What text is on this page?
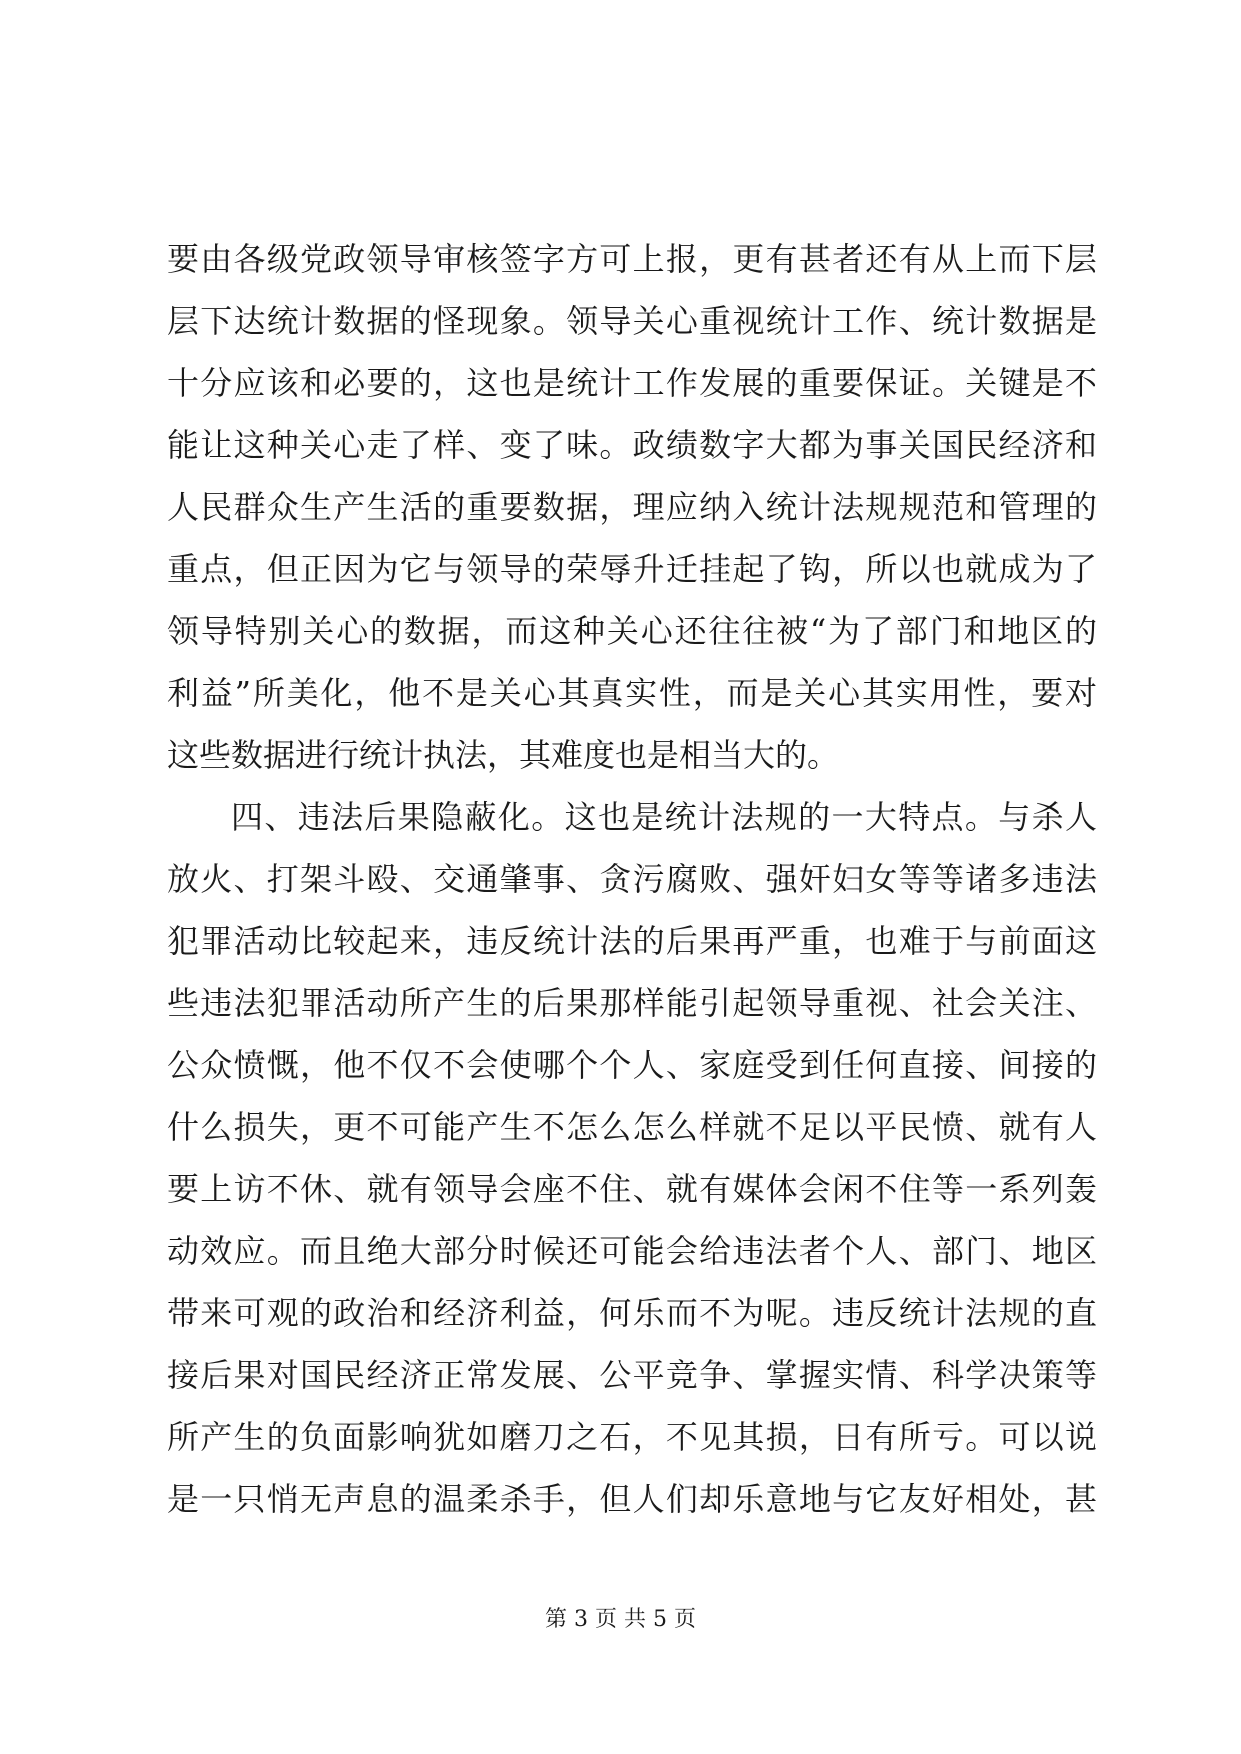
要由各级党政领导审核签字方可上报，更有甚者还有从上而下层
层下达统计数据的怪现象。领导关心重视统计工作、统计数据是
十分应该和必要的，这也是统计工作发展的重要保证。关键是不
能让这种关心走了样、变了味。政绩数字大都为事关国民经济和
人民群众生产生活的重要数据，理应纳入统计法规规范和管理的
重点，但正因为它与领导的荣辱升迁挂起了钩，所以也就成为了
领导特别关心的数据，而这种关心还往往被“为了部门和地区的
利益”所美化，他不是关心其真实性，而是关心其实用性，要对
这些数据进行统计执法，其难度也是相当大的。
四、违法后果隐蔽化。这也是统计法规的一大特点。与杀人
放火、打架斗殴、交通肇事、贪污腐败、强奸妇女等等诸多违法
犯罪活动比较起来，违反统计法的后果再严重，也难于与前面这
些违法犯罪活动所产生的后果那样能引起领导重视、社会关注、
公众愤慨，他不仅不会使哪个个人、家庭受到任何直接、间接的
什么损失，更不可能产生不怎么怎么样就不足以平民愤、就有人
要上访不休、就有领导会座不住、就有媒体会闲不住等一系列轰
动效应。而且绝大部分时候还可能会给违法者个人、部门、地区
带来可观的政治和经济利益，何乐而不为呢。违反统计法规的直
接后果对国民经济正常发展、公平竞争、掌握实情、科学决策等
所产生的负面影响犹如磨刀之石，不见其损，日有所亏。可以说
是一只悄无声息的温柔杀手，但人们却乐意地与它友好相处，甚
第 3 页 共 5 页
